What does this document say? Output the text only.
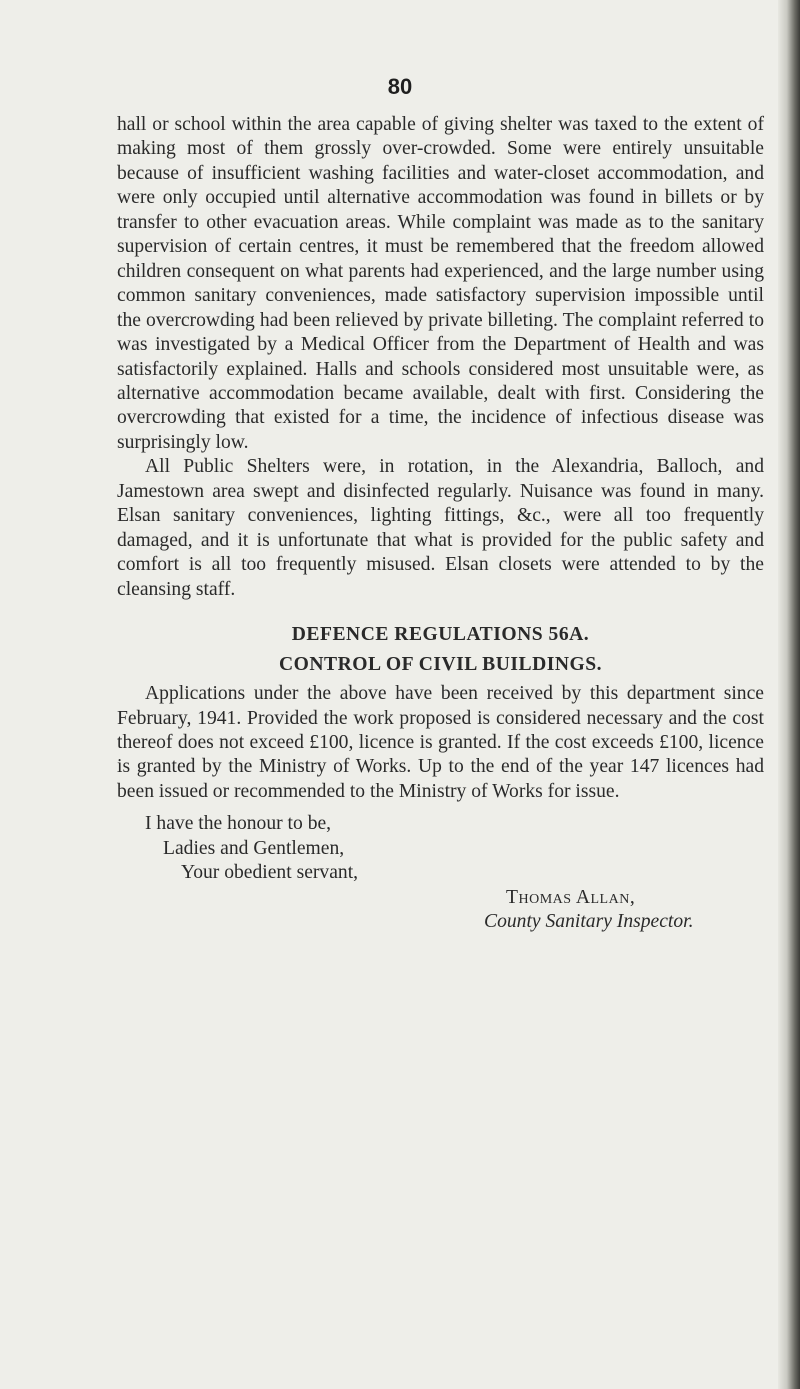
80

hall or school within the area capable of giving shelter was taxed to the extent of making most of them grossly over-crowded. Some were entirely unsuitable because of insufficient washing facilities and water-closet accommodation, and were only occupied until alternative accommodation was found in billets or by transfer to other evacuation areas. While complaint was made as to the sanitary supervision of certain centres, it must be remembered that the freedom allowed children consequent on what parents had experienced, and the large number using common sanitary conveniences, made satisfactory supervision impossible until the overcrowding had been relieved by private billeting. The complaint referred to was investigated by a Medical Officer from the Department of Health and was satisfactorily explained. Halls and schools considered most unsuitable were, as alternative accommodation became available, dealt with first. Considering the overcrowding that existed for a time, the incidence of infectious disease was surprisingly low.

All Public Shelters were, in rotation, in the Alexandria, Balloch, and Jamestown area swept and disinfected regularly. Nuisance was found in many. Elsan sanitary conveniences, lighting fittings, &c., were all too frequently damaged, and it is unfortunate that what is provided for the public safety and comfort is all too frequently misused. Elsan closets were attended to by the cleansing staff.

DEFENCE REGULATIONS 56A.
CONTROL OF CIVIL BUILDINGS.

Applications under the above have been received by this department since February, 1941. Provided the work proposed is considered necessary and the cost thereof does not exceed £100, licence is granted. If the cost exceeds £100, licence is granted by the Ministry of Works. Up to the end of the year 147 licences had been issued or recommended to the Ministry of Works for issue.

I have the honour to be,
Ladies and Gentlemen,
Your obedient servant,
Thomas Allan,
County Sanitary Inspector.
